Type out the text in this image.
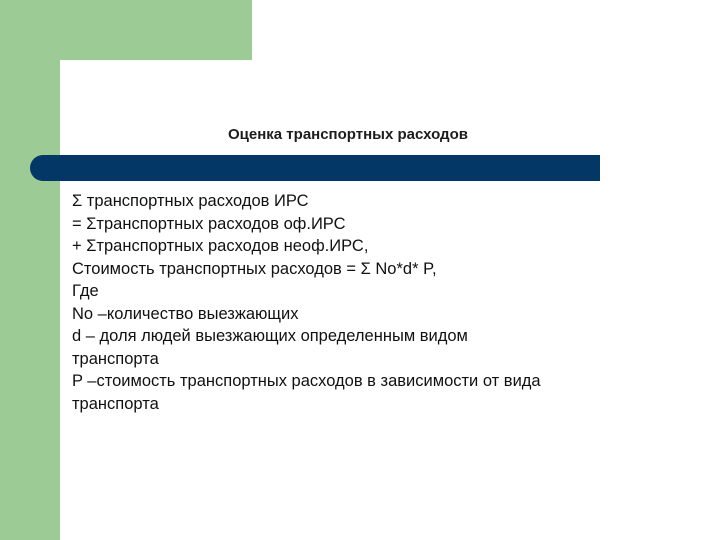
Оценка транспортных расходов
Σ транспортных расходов ИРС
= Σтранспортных расходов оф.ИРС
+ Σтранспортных расходов неоф.ИРС,
Стоимость транспортных расходов = Σ No*d* P,
Где
No –количество выезжающих
d – доля людей выезжающих определенным видом
транспорта
P –стоимость транспортных расходов в зависимости от вида
транспорта
